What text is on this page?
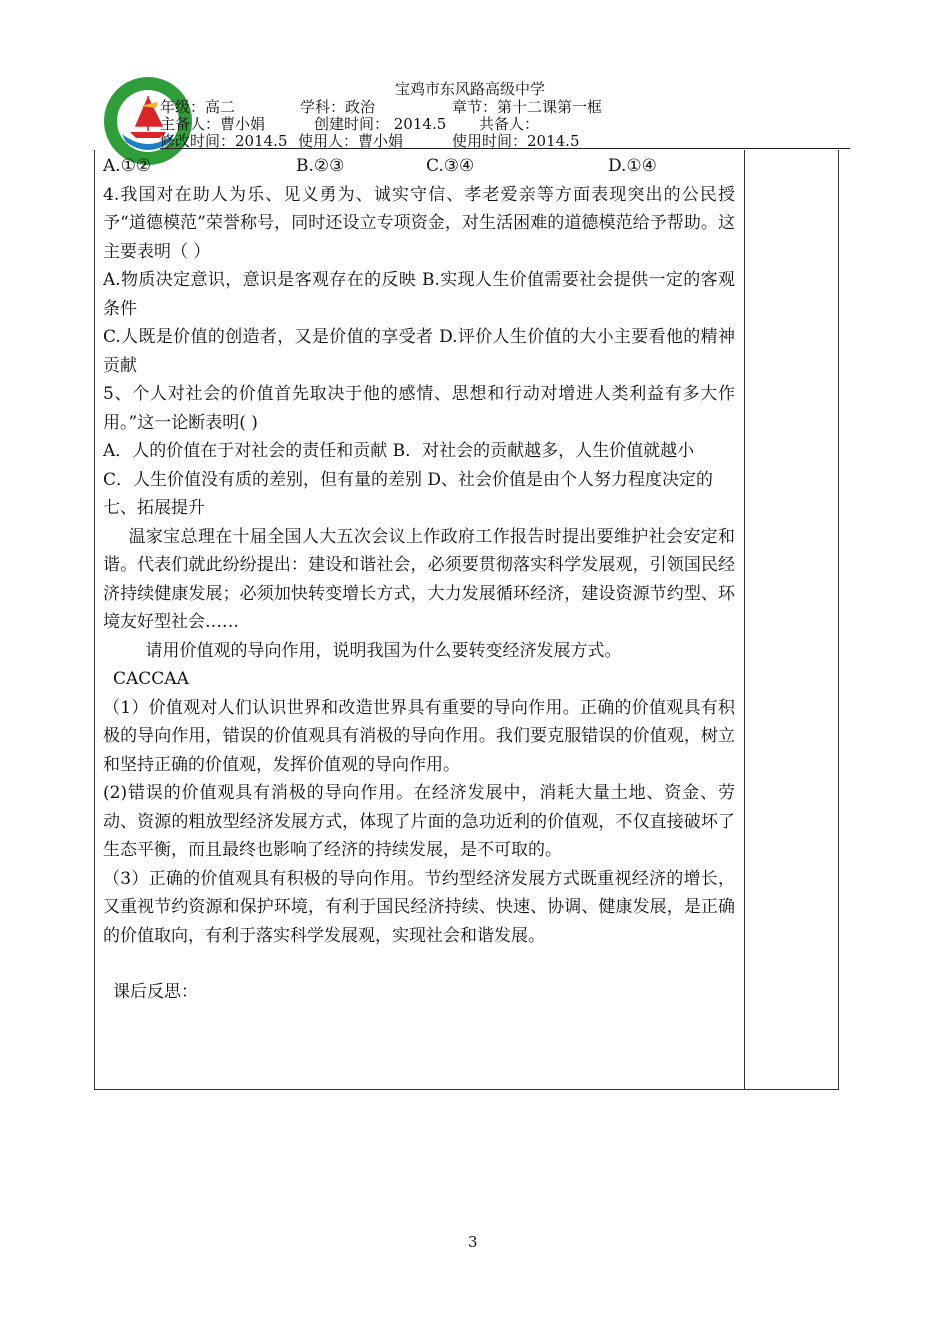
宝鸡市东风路高级中学
年级：高二	学科：政治	章节：第十二课第一框
主备人：曹小娟	创建时间： 2014.5 共备人：
修改时间：2014.5 使用人：曹小娟	使用时间：2014.5

A.①②	B.②③	C.③④	D.①④

4.我国对在助人为乐、见义勇为、诚实守信、孝老爱亲等方面表现突出的公民授予“道德模范”荣誉称号，同时还设立专项资金，对生活困难的道德模范给予帮助。这主要表明（ ）

A.物质决定意识，意识是客观存在的反映 B.实现人生价值需要社会提供一定的客观条件

C.人既是价值的创造者，又是价值的享受者 D.评价人生价值的大小主要看他的精神贡献

5、个人对社会的价值首先取决于他的感情、思想和行动对增进人类利益有多大作用。”这一论断表明( )

A．人的价值在于对社会的责任和贡献 B．对社会的贡献越多，人生价值就越小

C．人生价值没有质的差别，但有量的差别 D、社会价值是由个人努力程度决定的

七、拓展提升

温家宝总理在十届全国人大五次会议上作政府工作报告时提出要维护社会安定和谐。代表们就此纷纷提出：建设和谐社会，必须要贯彻落实科学发展观，引领国民经济持续健康发展；必须加快转变增长方式，大力发展循环经济，建设资源节约型、环境友好型社会……

请用价值观的导向作用，说明我国为什么要转变经济发展方式。

CACCAA

（1）价值观对人们认识世界和改造世界具有重要的导向作用。正确的价值观具有积极的导向作用，错误的价值观具有消极的导向作用。我们要克服错误的价值观，树立和坚持正确的价值观，发挥价值观的导向作用。

(2)错误的价值观具有消极的导向作用。在经济发展中，消耗大量土地、资金、劳动、资源的粗放型经济发展方式，体现了片面的急功近利的价值观，不仅直接破坏了生态平衡，而且最终也影响了经济的持续发展，是不可取的。

（3）正确的价值观具有积极的导向作用。节约型经济发展方式既重视经济的增长，又重视节约资源和保护环境，有利于国民经济持续、快速、协调、健康发展，是正确的价值取向，有利于落实科学发展观，实现社会和谐发展。

课后反思：

3
